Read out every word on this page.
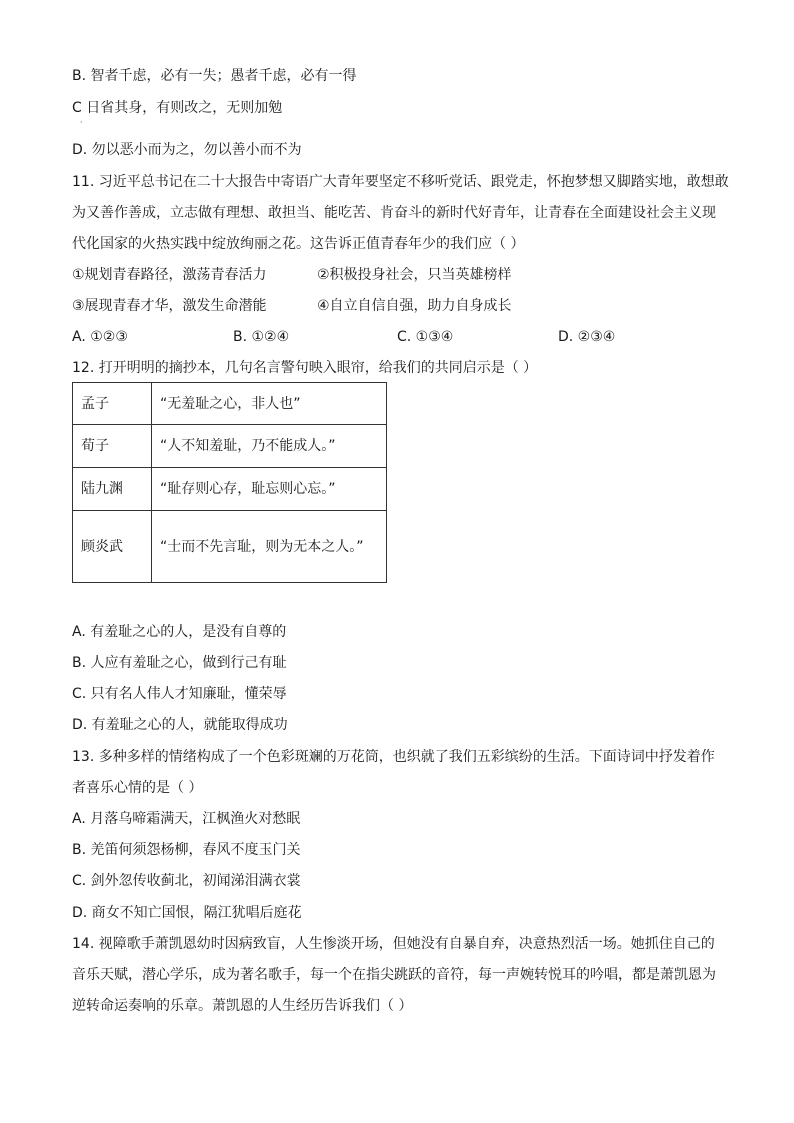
B. 智者千虑，必有一失；愚者千虑，必有一得
C 日省其身，有则改之，无则加勉
·
D. 勿以恶小而为之，勿以善小而不为
11. 习近平总书记在二十大报告中寄语广大青年要坚定不移听党话、跟党走，怀抱梦想又脚踏实地，敢想敢
为又善作善成，立志做有理想、敢担当、能吃苦、肯奋斗的新时代好青年，让青春在全面建设社会主义现
代化国家的火热实践中绽放绚丽之花。这告诉正值青春年少的我们应（ ）
①规划青春路径，激荡青春活力	②积极投身社会，只当英雄榜样
③展现青春才华，激发生命潜能	④自立自信自强，助力自身成长
A. ①②③	B. ①②④	C. ①③④	D. ②③④
12. 打开明明的摘抄本，几句名言警句映入眼帘，给我们的共同启示是（ ）
孟子	“无羞耻之心，非人也”
荀子	“人不知羞耻，乃不能成人。”
陆九渊	“耻存则心存，耻忘则心忘。”
顾炎武	“士而不先言耻，则为无本之人。”
A. 有羞耻之心的人，是没有自尊的
B. 人应有羞耻之心，做到行己有耻
C. 只有名人伟人才知廉耻，懂荣辱
D. 有羞耻之心的人，就能取得成功
13. 多种多样的情绪构成了一个色彩斑斓的万花筒，也织就了我们五彩缤纷的生活。下面诗词中抒发着作
者喜乐心情的是（ ）
A. 月落乌啼霜满天，江枫渔火对愁眠
B. 羌笛何须怨杨柳，春风不度玉门关
C. 剑外忽传收蓟北，初闻涕泪满衣裳
D. 商女不知亡国恨，隔江犹唱后庭花
14. 视障歌手萧凯恩幼时因病致盲，人生惨淡开场，但她没有自暴自弃，决意热烈活一场。她抓住自己的
音乐天赋，潜心学乐，成为著名歌手，每一个在指尖跳跃的音符，每一声婉转悦耳的吟唱，都是萧凯恩为
逆转命运奏响的乐章。萧凯恩的人生经历告诉我们（ ）
